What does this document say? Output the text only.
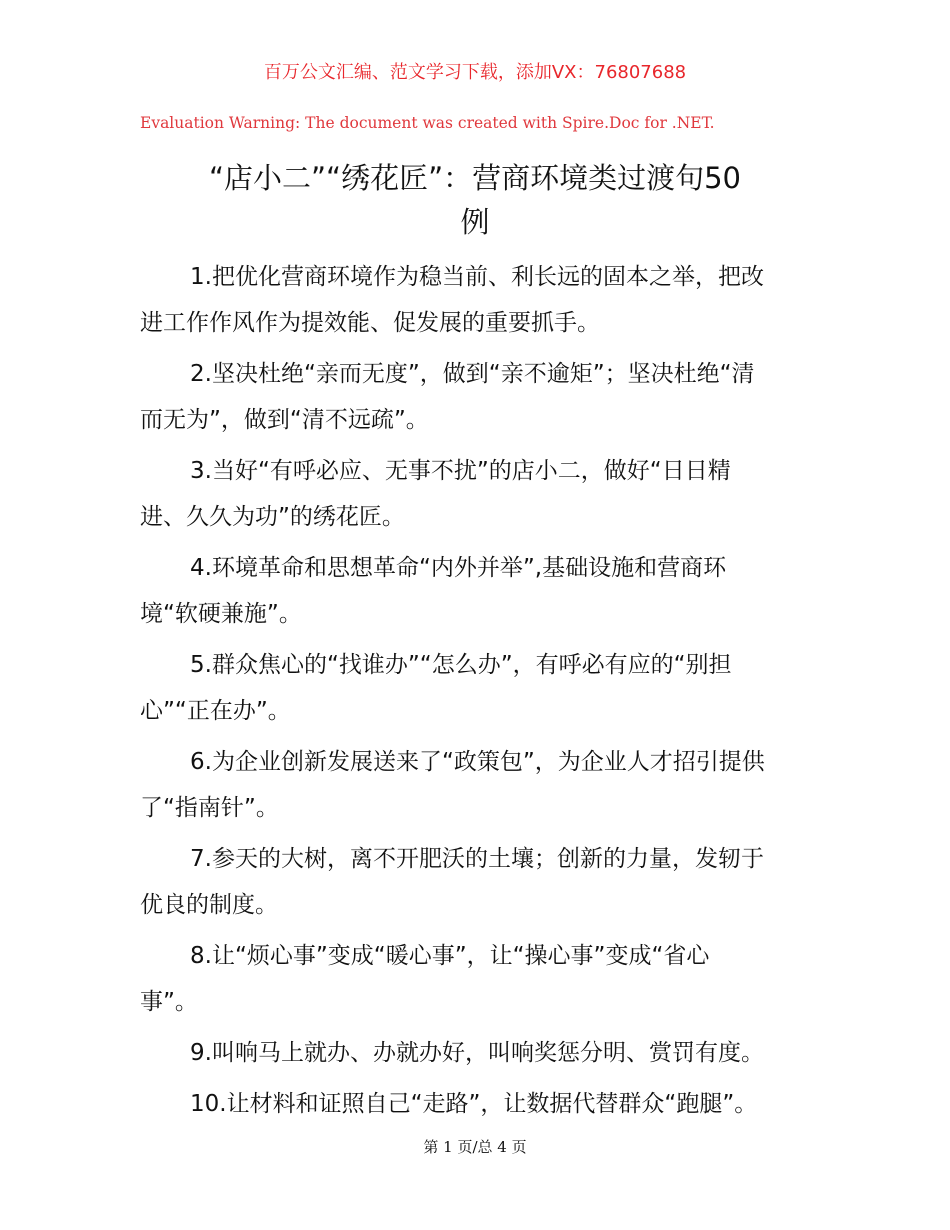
百万公文汇编、范文学习下载，添加VX：76807688
Evaluation Warning: The document was created with Spire.Doc for .NET.
“店小二”“绣花匠”：营商环境类过渡句50
例
1.把优化营商环境作为稳当前、利长远的固本之举，把改
进工作作风作为提效能、促发展的重要抓手。
2.坚决杜绝“亲而无度”，做到“亲不逾矩”；坚决杜绝“清
而无为”，做到“清不远疏”。
3.当好“有呼必应、无事不扰”的店小二，做好“日日精
进、久久为功”的绣花匠。
4.环境革命和思想革命“内外并举”,基础设施和营商环
境“软硬兼施”。
5.群众焦心的“找谁办”“怎么办”，有呼必有应的“别担
心”“正在办”。
6.为企业创新发展送来了“政策包”，为企业人才招引提供
了“指南针”。
7.参天的大树，离不开肥沃的土壤；创新的力量，发轫于
优良的制度。
8.让“烦心事”变成“暖心事”，让“操心事”变成“省心
事”。
9.叫响马上就办、办就办好，叫响奖惩分明、赏罚有度。
10.让材料和证照自己“走路”，让数据代替群众“跑腿”。
第 1 页/总 4 页
